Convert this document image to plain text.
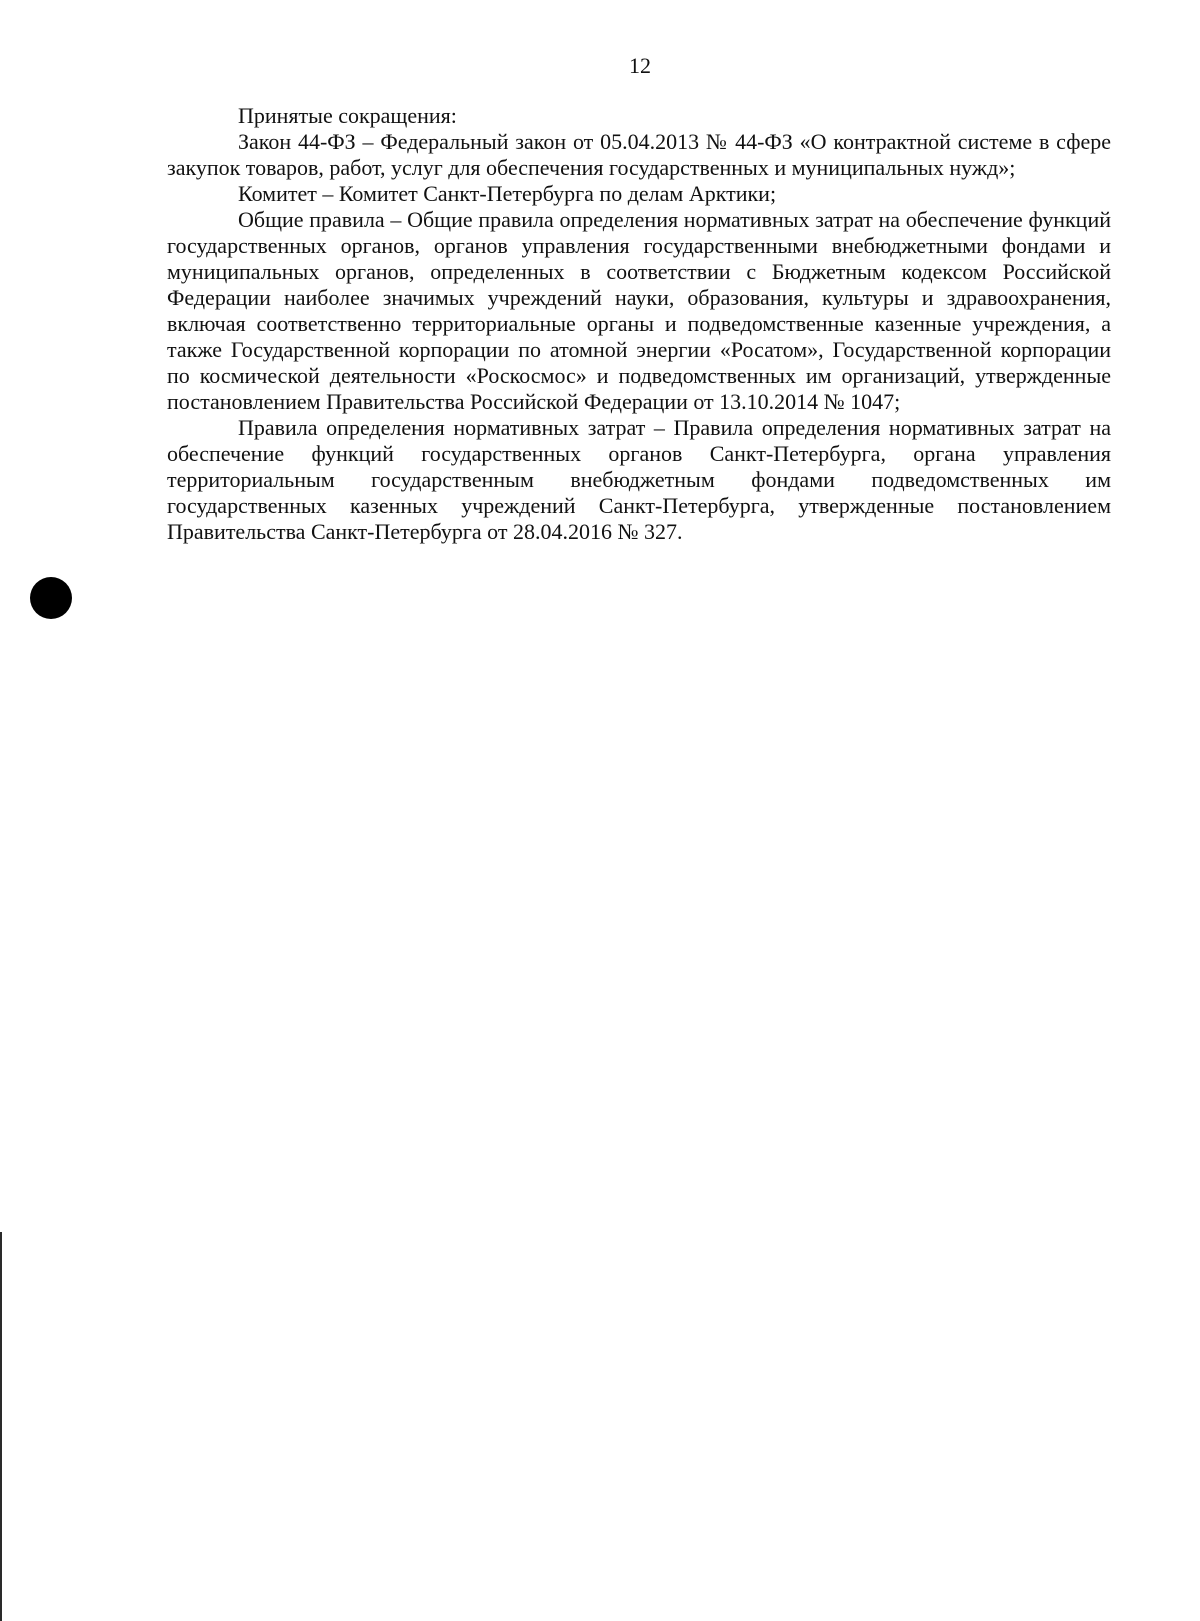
12

Принятые сокращения:

Закон 44-ФЗ – Федеральный закон от 05.04.2013 № 44-ФЗ «О контрактной системе в сфере закупок товаров, работ, услуг для обеспечения государственных и муниципальных нужд»;

Комитет – Комитет Санкт-Петербурга по делам Арктики;

Общие правила – Общие правила определения нормативных затрат на обеспечение функций государственных органов, органов управления государственными внебюджетными фондами и муниципальных органов, определенных в соответствии с Бюджетным кодексом Российской Федерации наиболее значимых учреждений науки, образования, культуры и здравоохранения, включая соответственно территориальные органы и подведомственные казенные учреждения, а также Государственной корпорации по атомной энергии «Росатом», Государственной корпорации по космической деятельности «Роскосмос» и подведомственных им организаций, утвержденные постановлением Правительства Российской Федерации от 13.10.2014 № 1047;

Правила определения нормативных затрат – Правила определения нормативных затрат на обеспечение функций государственных органов Санкт-Петербурга, органа управления территориальным государственным внебюджетным фондами подведомственных им государственных казенных учреждений Санкт-Петербурга, утвержденные постановлением Правительства Санкт-Петербурга от 28.04.2016 № 327.
